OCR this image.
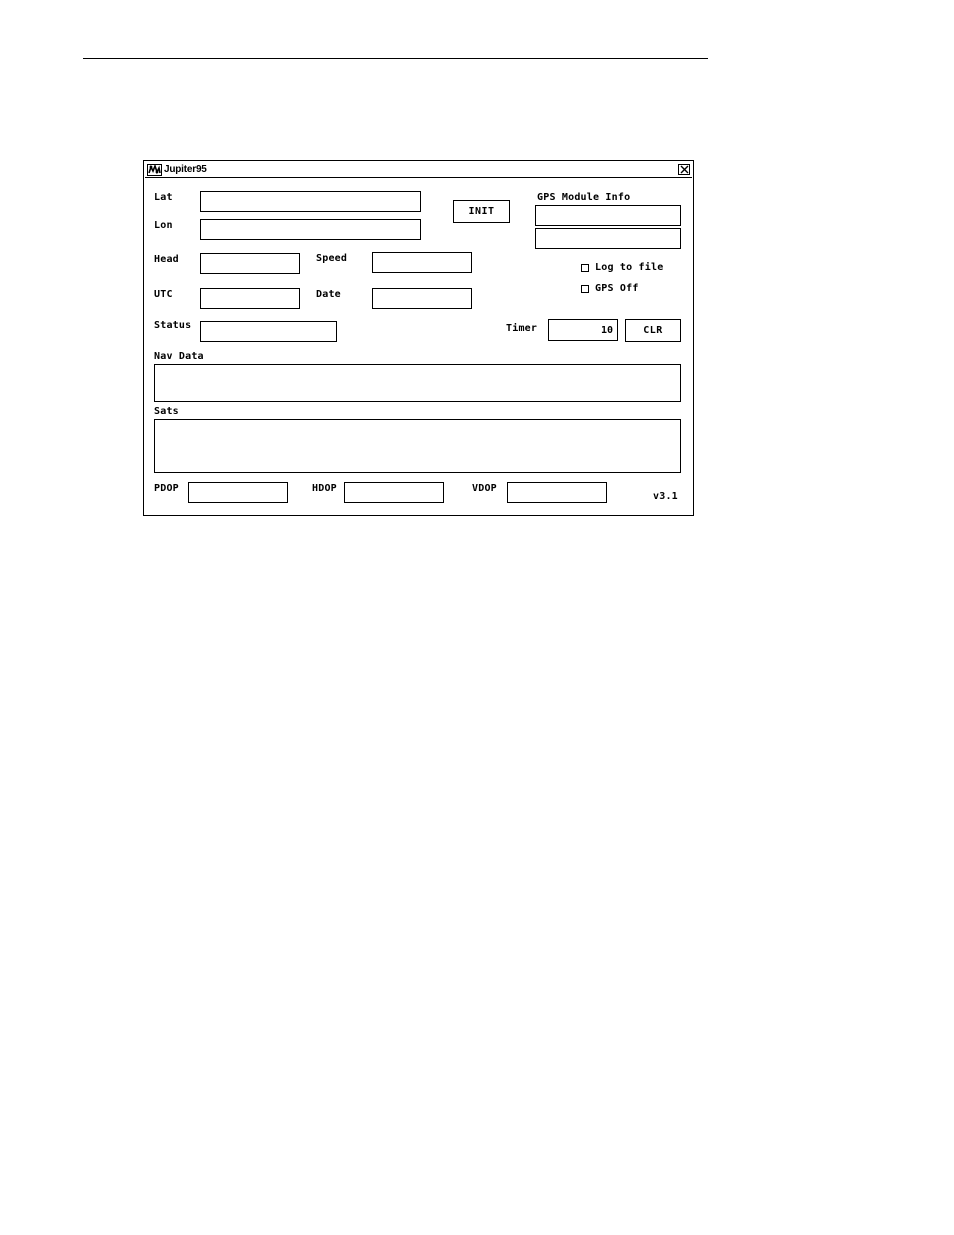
Jupiter95
Lat
Lon
INIT
GPS Module Info
Head	Speed
Log to file
GPS Off
UTC	Date
Status	Timer
10	CLR
Nav Data
Sats
PDOP	HDOP	VDOP
v3.1
